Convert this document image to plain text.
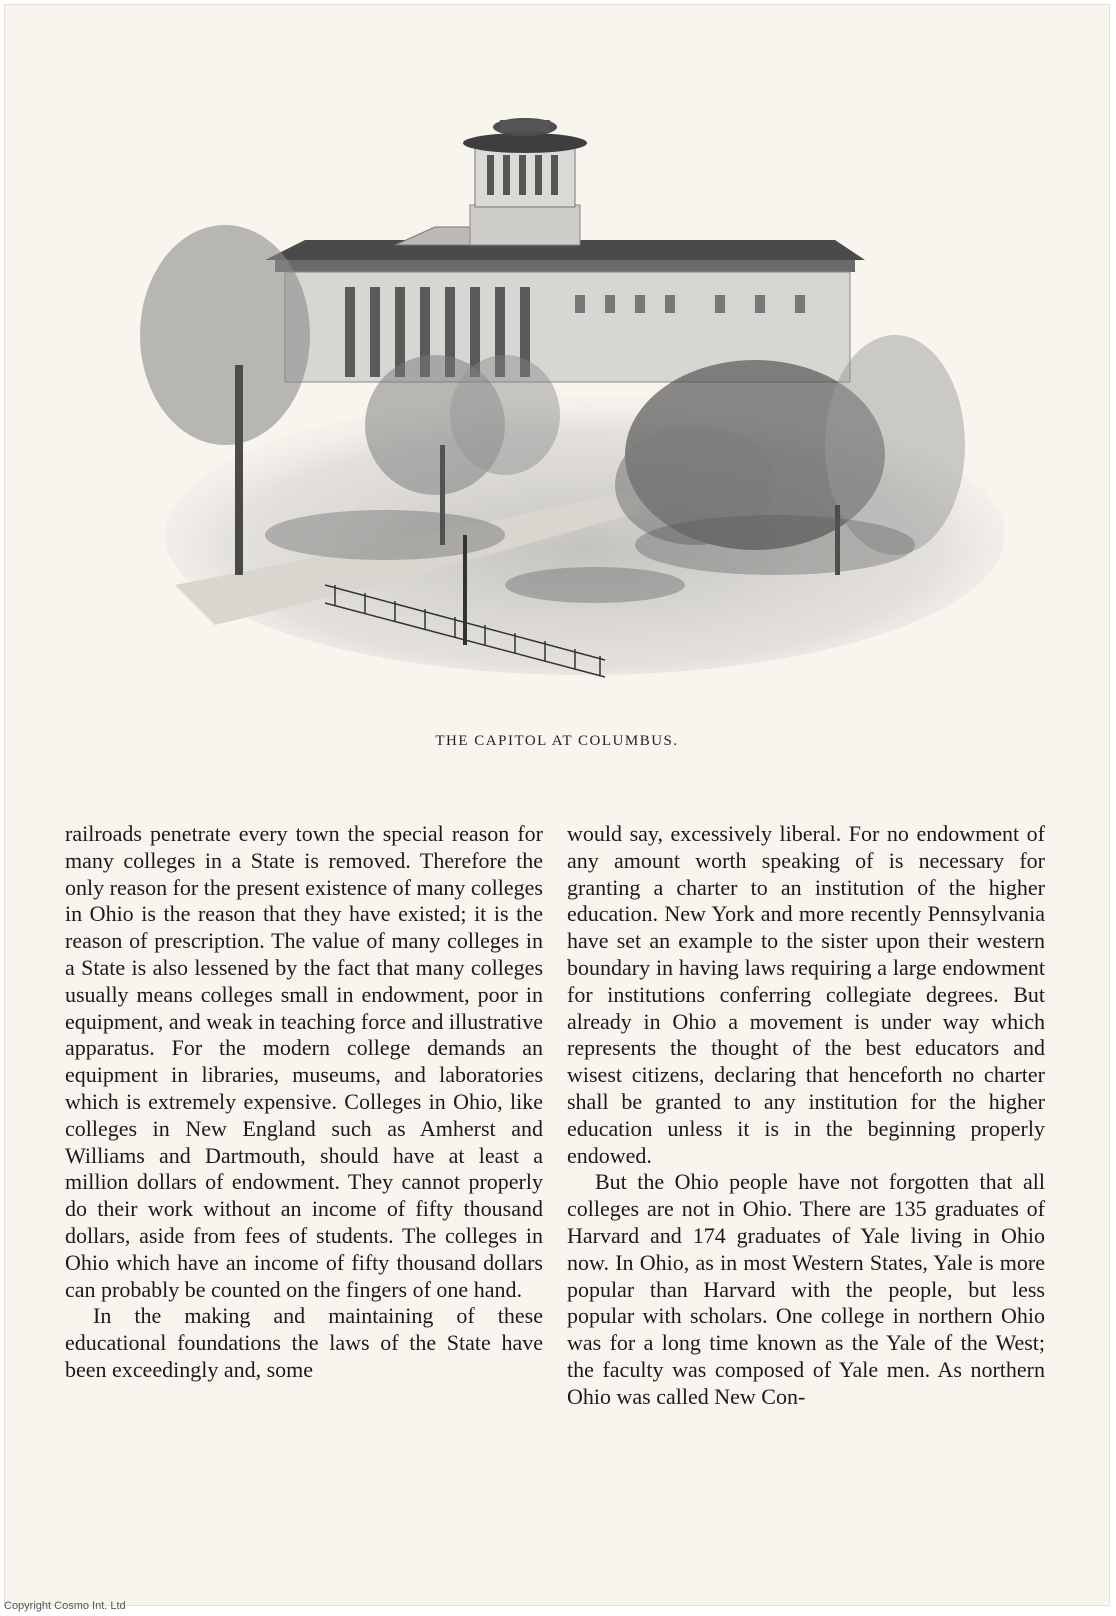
THE CAPITOL AT COLUMBUS.

railroads penetrate every town the special reason for many colleges in a State is removed. Therefore the only reason for the present existence of many colleges in Ohio is the reason that they have existed; it is the reason of prescription. The value of many colleges in a State is also lessened by the fact that many colleges usually means colleges small in endowment, poor in equipment, and weak in teaching force and illustrative apparatus. For the modern college demands an equipment in libraries, museums, and laboratories which is extremely expensive. Colleges in Ohio, like colleges in New England such as Amherst and Williams and Dartmouth, should have at least a million dollars of endowment. They cannot properly do their work without an income of fifty thousand dollars, aside from fees of students. The colleges in Ohio which have an income of fifty thousand dollars can probably be counted on the fingers of one hand.

In the making and maintaining of these educational foundations the laws of the State have been exceedingly and, some

would say, excessively liberal. For no endowment of any amount worth speaking of is necessary for granting a charter to an institution of the higher education. New York and more recently Pennsylvania have set an example to the sister upon their western boundary in having laws requiring a large endowment for institutions conferring collegiate degrees. But already in Ohio a movement is under way which represents the thought of the best educators and wisest citizens, declaring that henceforth no charter shall be granted to any institution for the higher education unless it is in the beginning properly endowed.

But the Ohio people have not forgotten that all colleges are not in Ohio. There are 135 graduates of Harvard and 174 graduates of Yale living in Ohio now. In Ohio, as in most Western States, Yale is more popular than Harvard with the people, but less popular with scholars. One college in northern Ohio was for a long time known as the Yale of the West; the faculty was composed of Yale men. As northern Ohio was called New Con-

Copyright Cosmo Int. Ltd
